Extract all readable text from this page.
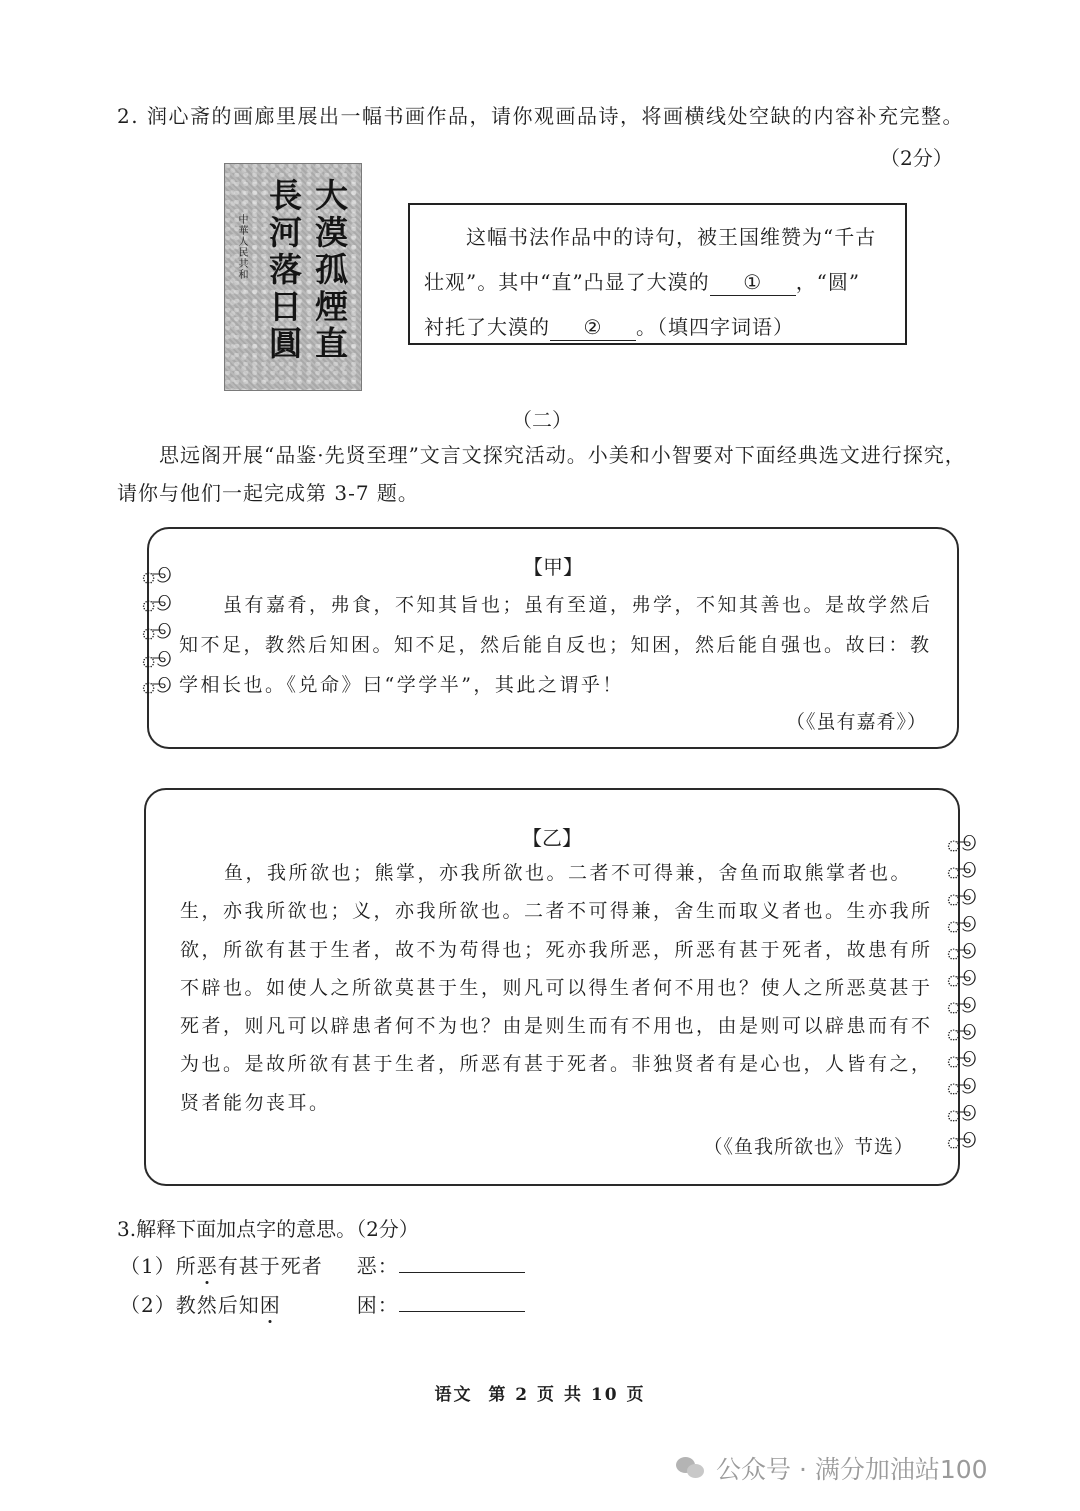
2. 润心斋的画廊里展出一幅书画作品，请你观画品诗，将画横线处空缺的内容补充完整。
（2分）
大漠孤煙直
長河落日圓
中華人民共和	这幅书法作品中的诗句，被王国维赞为“千古
壮观”。其中“直”凸显了大漠的 ① ，“圆”
衬托了大漠的 ② 。（填四字词语）
（二）
思远阁开展“品鉴·先贤至理”文言文探究活动。小美和小智要对下面经典选文进行探究，请你与他们一起完成第 3-7 题。
【甲】
虽有嘉肴，弗食，不知其旨也；虽有至道，弗学，不知其善也。是故学然后知不足，教然后知困。知不足，然后能自反也；知困，然后能自强也。故曰：教学相长也。《兑命》曰“学学半”，其此之谓乎！
（《虽有嘉肴》）
ூ
ூ
ூ
ூ
ூ
【乙】
鱼，我所欲也；熊掌，亦我所欲也。二者不可得兼，舍鱼而取熊掌者也。生，亦我所欲也；义，亦我所欲也。二者不可得兼，舍生而取义者也。生亦我所欲，所欲有甚于生者，故不为苟得也；死亦我所恶，所恶有甚于死者，故患有所不辟也。如使人之所欲莫甚于生，则凡可以得生者何不用也？使人之所恶莫甚于死者，则凡可以辟患者何不为也？由是则生而有不用也，由是则可以辟患而有不为也。是故所欲有甚于生者，所恶有甚于死者。非独贤者有是心也，人皆有之，贤者能勿丧耳。
（《鱼我所欲也》节选）
ூ
ூ
ூ
ூ
ூ
ூ
ூ
ூ
ூ
ூ
ூ
ூ
3.解释下面加点字的意思。（2分）
（1）所恶有甚于死者 恶：
（2）教然后知困	困：
语文  第 2 页 共 10 页
公众号 · 满分加油站100
